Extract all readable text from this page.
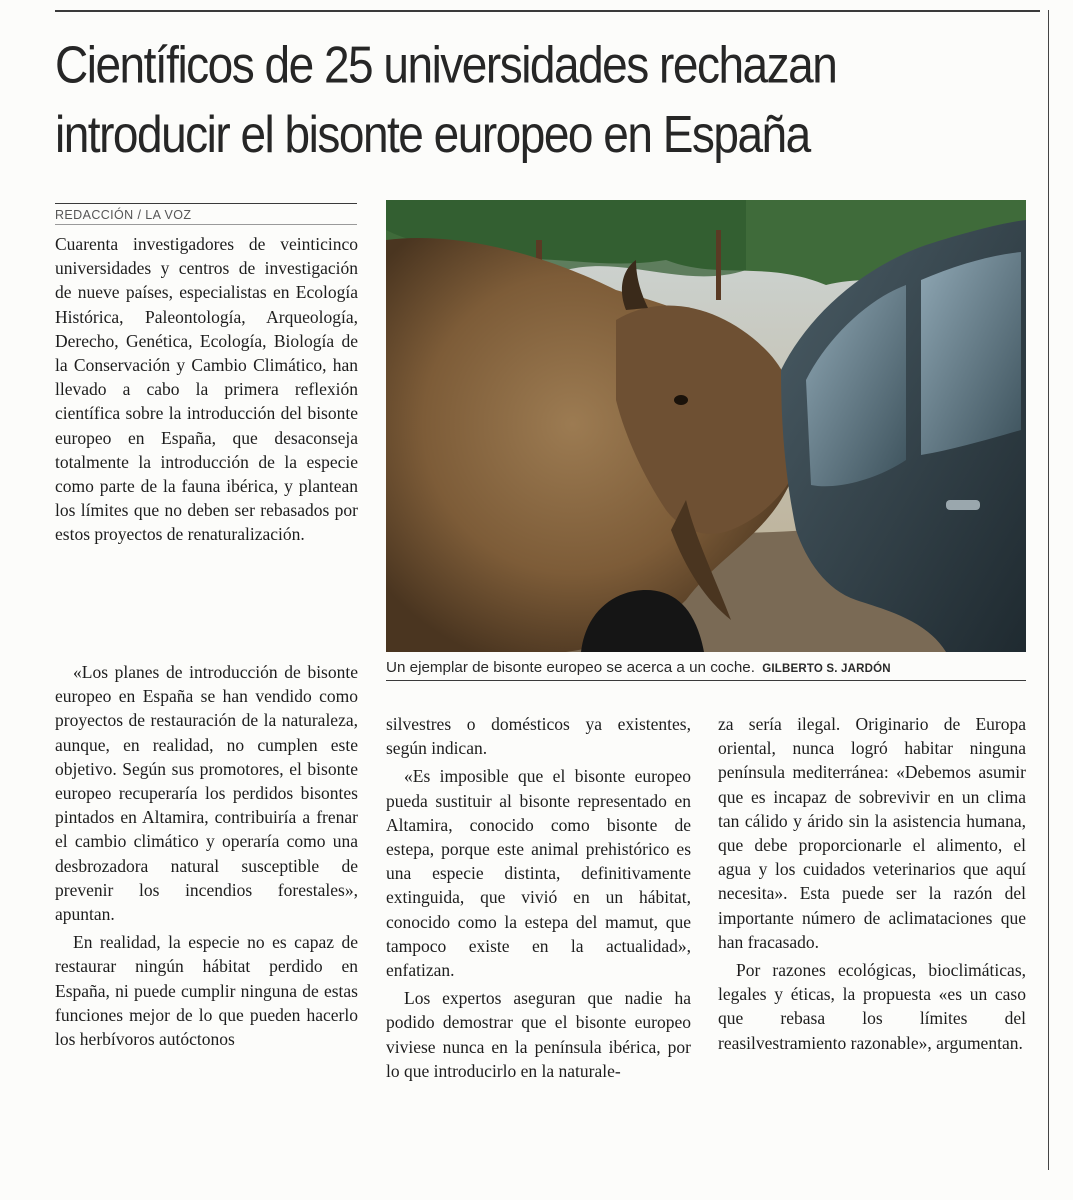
Científicos de 25 universidades rechazan
introducir el bisonte europeo en España
REDACCIÓN / LA VOZ

Cuarenta investigadores de veinticinco universidades y centros de investigación de nueve países, especialistas en Ecología Histórica, Paleontología, Arqueología, Derecho, Genética, Ecología, Biología de la Conservación y Cambio Climático, han llevado a cabo la primera reflexión científica sobre la introducción del bisonte europeo en España, que desaconseja totalmente la introducción de la especie como parte de la fauna ibérica, y plantean los límites que no deben ser rebasados por estos proyectos de renaturalización.

«Los planes de introducción de bisonte europeo en España se han vendido como proyectos de restauración de la naturaleza, aunque, en realidad, no cumplen este objetivo. Según sus promotores, el bisonte europeo recuperaría los perdidos bisontes pintados en Altamira, contribuiría a frenar el cambio climático y operaría como una desbrozadora natural susceptible de prevenir los incendios forestales», apuntan.

En realidad, la especie no es capaz de restaurar ningún hábitat perdido en España, ni puede cumplir ninguna de estas funciones mejor de lo que pueden hacerlo los herbívoros autóctonos

Un ejemplar de bisonte europeo se acerca a un coche. GILBERTO S. JARDÓN

silvestres o domésticos ya existentes, según indican.

«Es imposible que el bisonte europeo pueda sustituir al bisonte representado en Altamira, conocido como bisonte de estepa, porque este animal prehistórico es una especie distinta, definitivamente extinguida, que vivió en un hábitat, conocido como la estepa del mamut, que tampoco existe en la actualidad», enfatizan.

Los expertos aseguran que nadie ha podido demostrar que el bisonte europeo viviese nunca en la península ibérica, por lo que introducirlo en la naturale-

za sería ilegal. Originario de Europa oriental, nunca logró habitar ninguna península mediterránea: «Debemos asumir que es incapaz de sobrevivir en un clima tan cálido y árido sin la asistencia humana, que debe proporcionarle el alimento, el agua y los cuidados veterinarios que aquí necesita». Esta puede ser la razón del importante número de aclimataciones que han fracasado.

Por razones ecológicas, bioclimáticas, legales y éticas, la propuesta «es un caso que rebasa los límites del reasilvestramiento razonable», argumentan.
